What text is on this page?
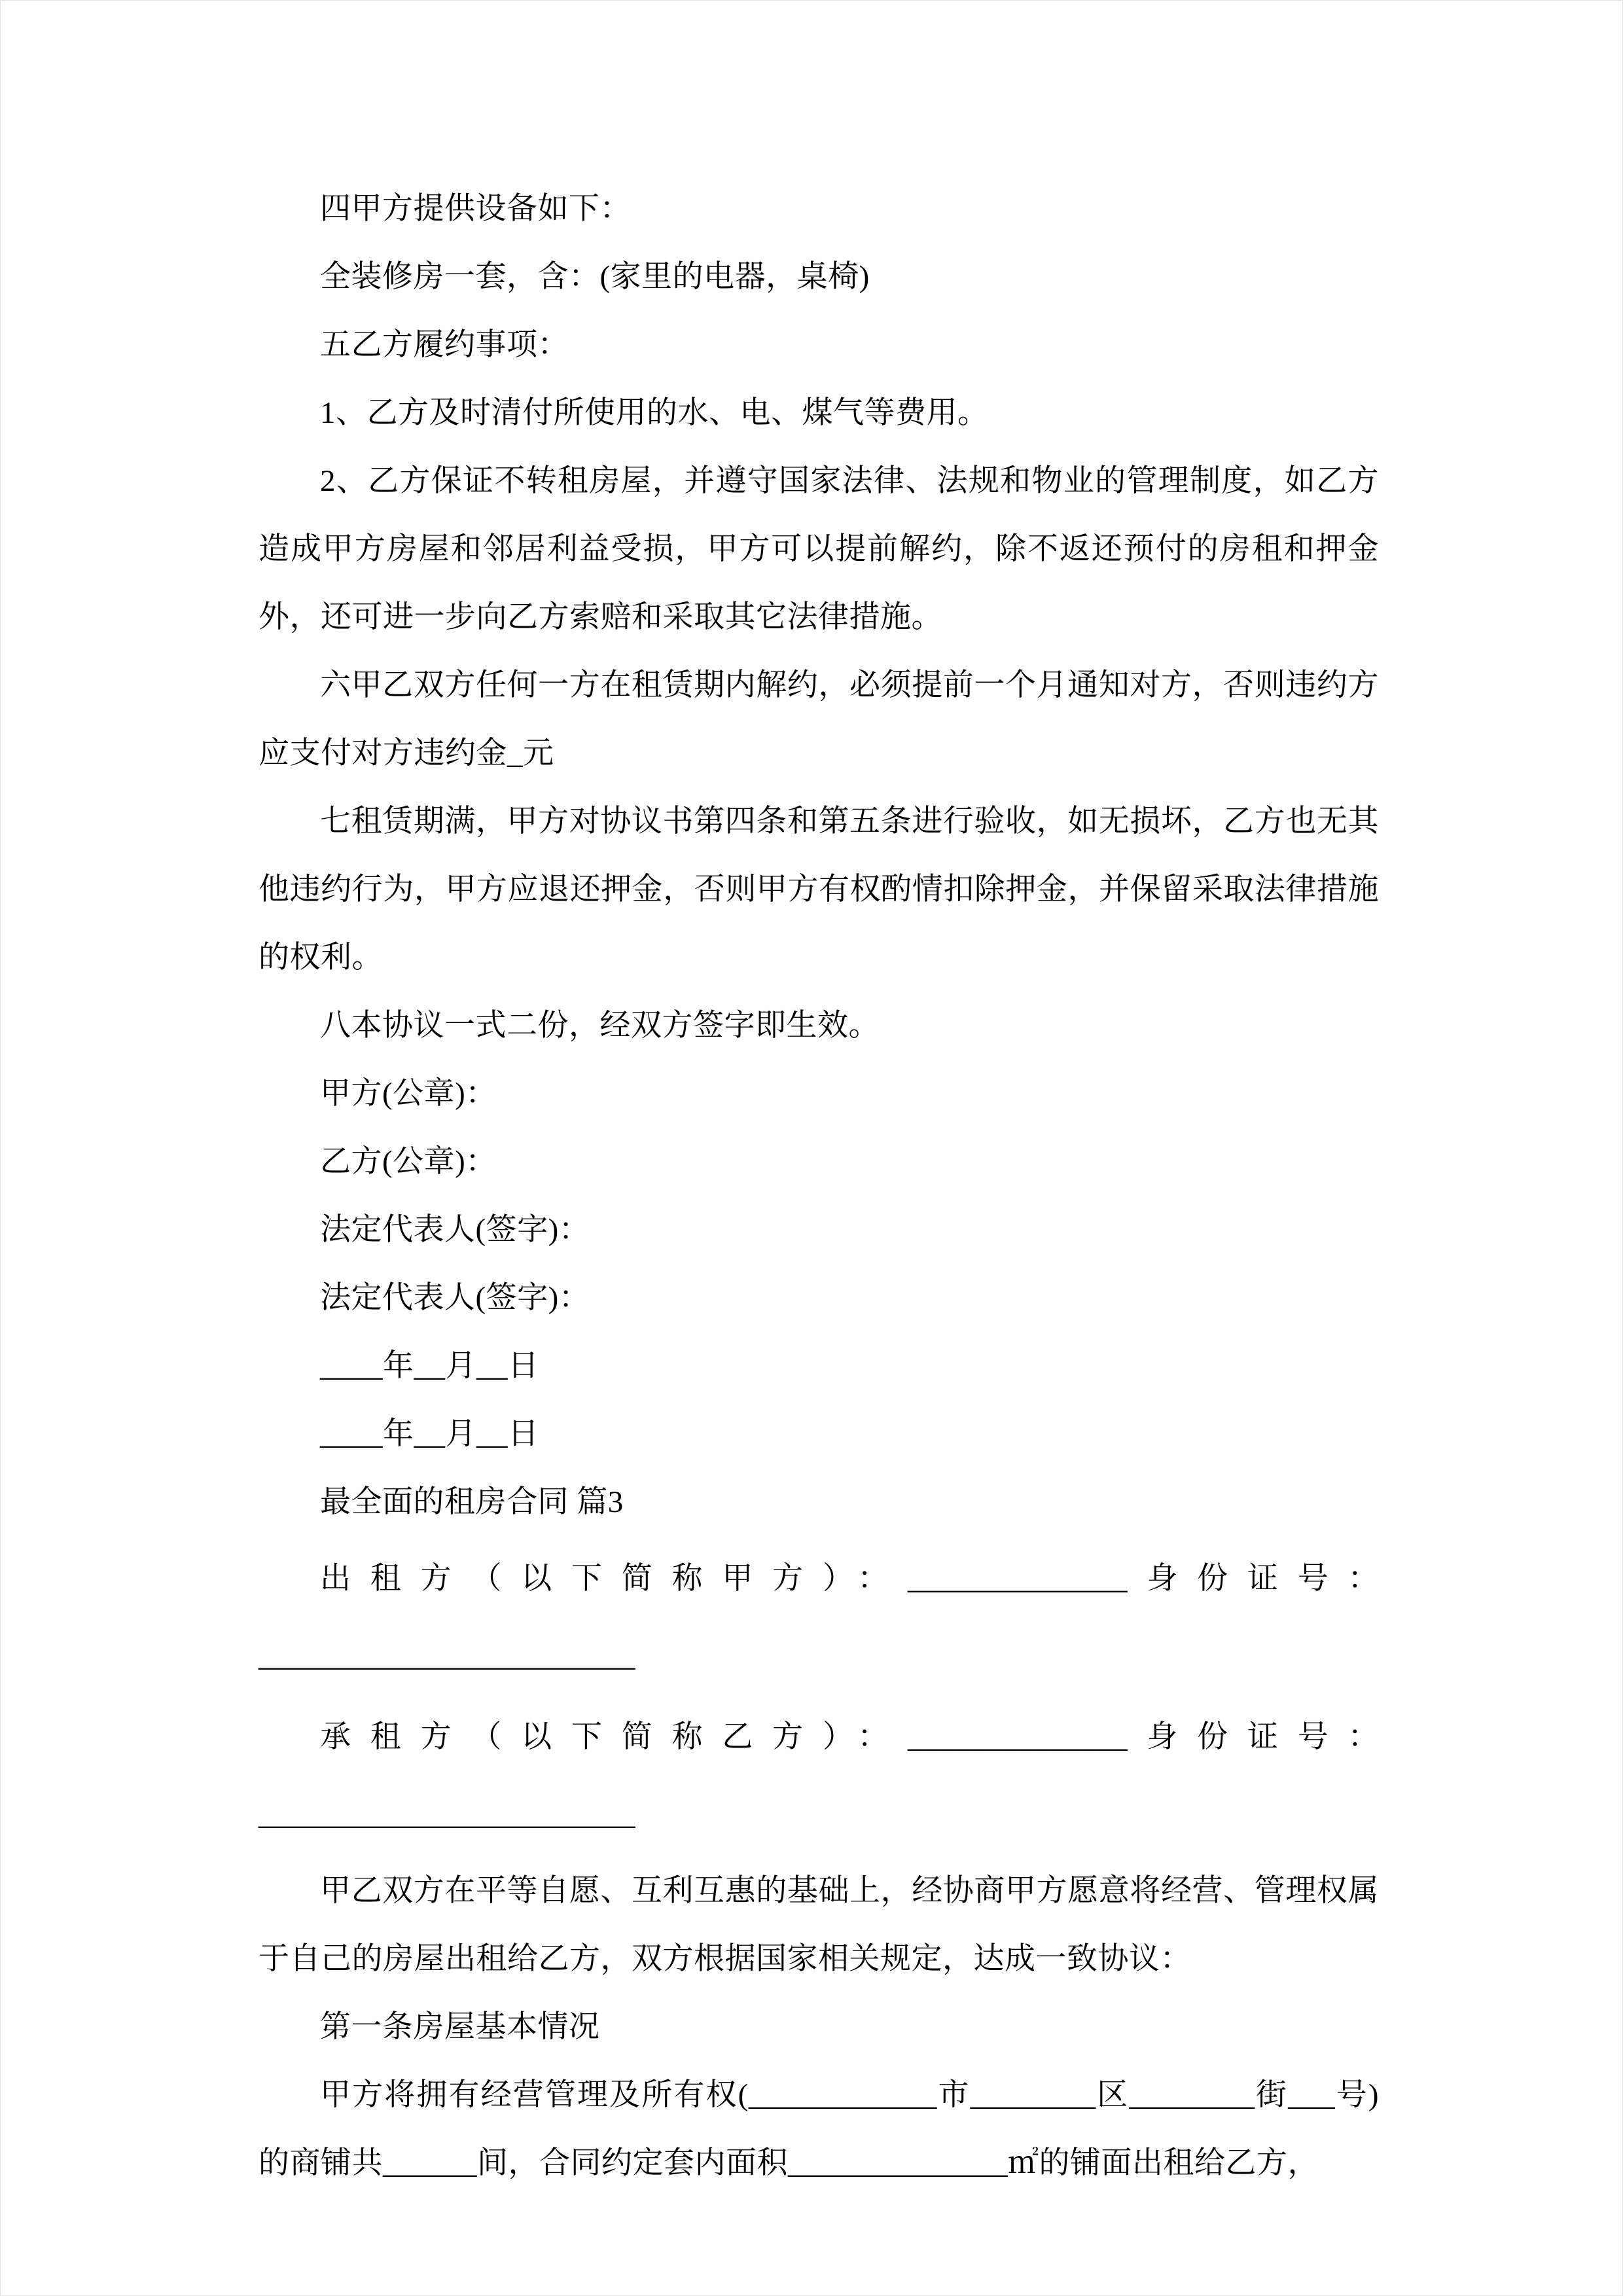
四甲方提供设备如下：

全装修房一套，含：(家里的电器，桌椅)

五乙方履约事项：

1、乙方及时清付所使用的水、电、煤气等费用。

2、乙方保证不转租房屋，并遵守国家法律、法规和物业的管理制度，如乙方造成甲方房屋和邻居利益受损，甲方可以提前解约，除不返还预付的房租和押金外，还可进一步向乙方索赔和采取其它法律措施。

六甲乙双方任何一方在租赁期内解约，必须提前一个月通知对方，否则违约方应支付对方违约金_元

七租赁期满，甲方对协议书第四条和第五条进行验收，如无损坏，乙方也无其他违约行为，甲方应退还押金，否则甲方有权酌情扣除押金，并保留采取法律措施的权利。

八本协议一式二份，经双方签字即生效。

甲方(公章)：

乙方(公章)：

法定代表人(签字)：

法定代表人(签字)：

____年__月__日

____年__月__日

最全面的租房合同 篇3

出租方（以下简称甲方）：______________身份证号：________________________

承租方（以下简称乙方）：______________身份证号：________________________

甲乙双方在平等自愿、互利互惠的基础上，经协商甲方愿意将经营、管理权属于自己的房屋出租给乙方，双方根据国家相关规定，达成一致协议：

第一条房屋基本情况

甲方将拥有经营管理及所有权(____________市________区________街___号)的商铺共______间，合同约定套内面积______________㎡的铺面出租给乙方，
